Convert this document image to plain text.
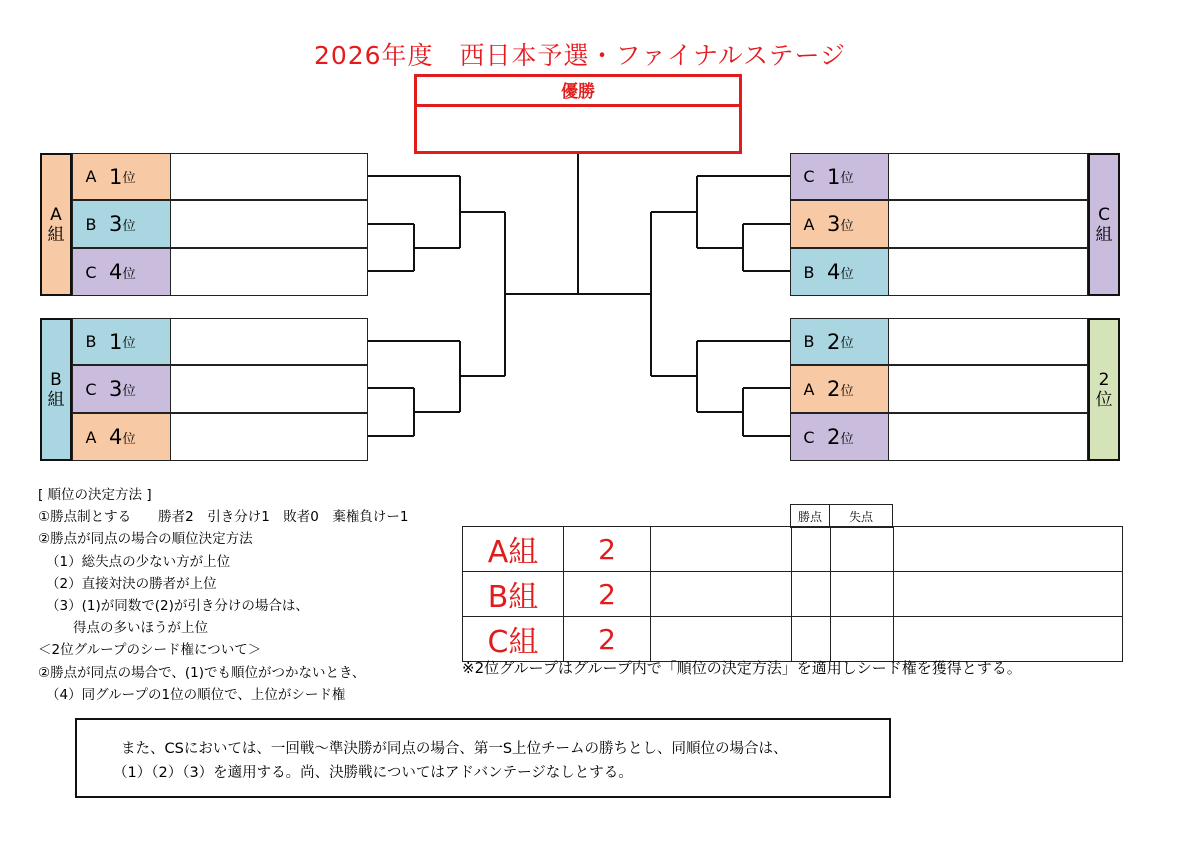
2026年度　西日本予選・ファイナルステージ
優勝
A
組
A 1 位
B 3 位
C 4 位
B
組
B 1 位
C 3 位
A 4 位
C 1 位
A 3 位
B 4 位
C
組
B 2 位
A 2 位
C 2 位
2
位
[ 順位の決定方法 ]
①勝点制とする　　勝者2　引き分け1　敗者0　棄権負けー1
②勝点が同点の場合の順位決定方法
（1）総失点の少ない方が上位
（2）直接対決の勝者が上位
（3）(1)が同数で(2)が引き分けの場合は、
　　得点の多いほうが上位
＜2位グループのシード権について＞
②勝点が同点の場合で、(1)でも順位がつかないとき、
（4）同グループの1位の順位で、上位がシード権
勝点	失点
A組	2				
B組	2				
C組	2				
※2位グループはグループ内で「順位の決定方法」を適用しシード権を獲得とする。
また、CSにおいては、一回戦～準決勝が同点の場合、第一S上位チームの勝ちとし、同順位の場合は、
（1）（2）（3）を適用する。尚、決勝戦についてはアドバンテージなしとする。
